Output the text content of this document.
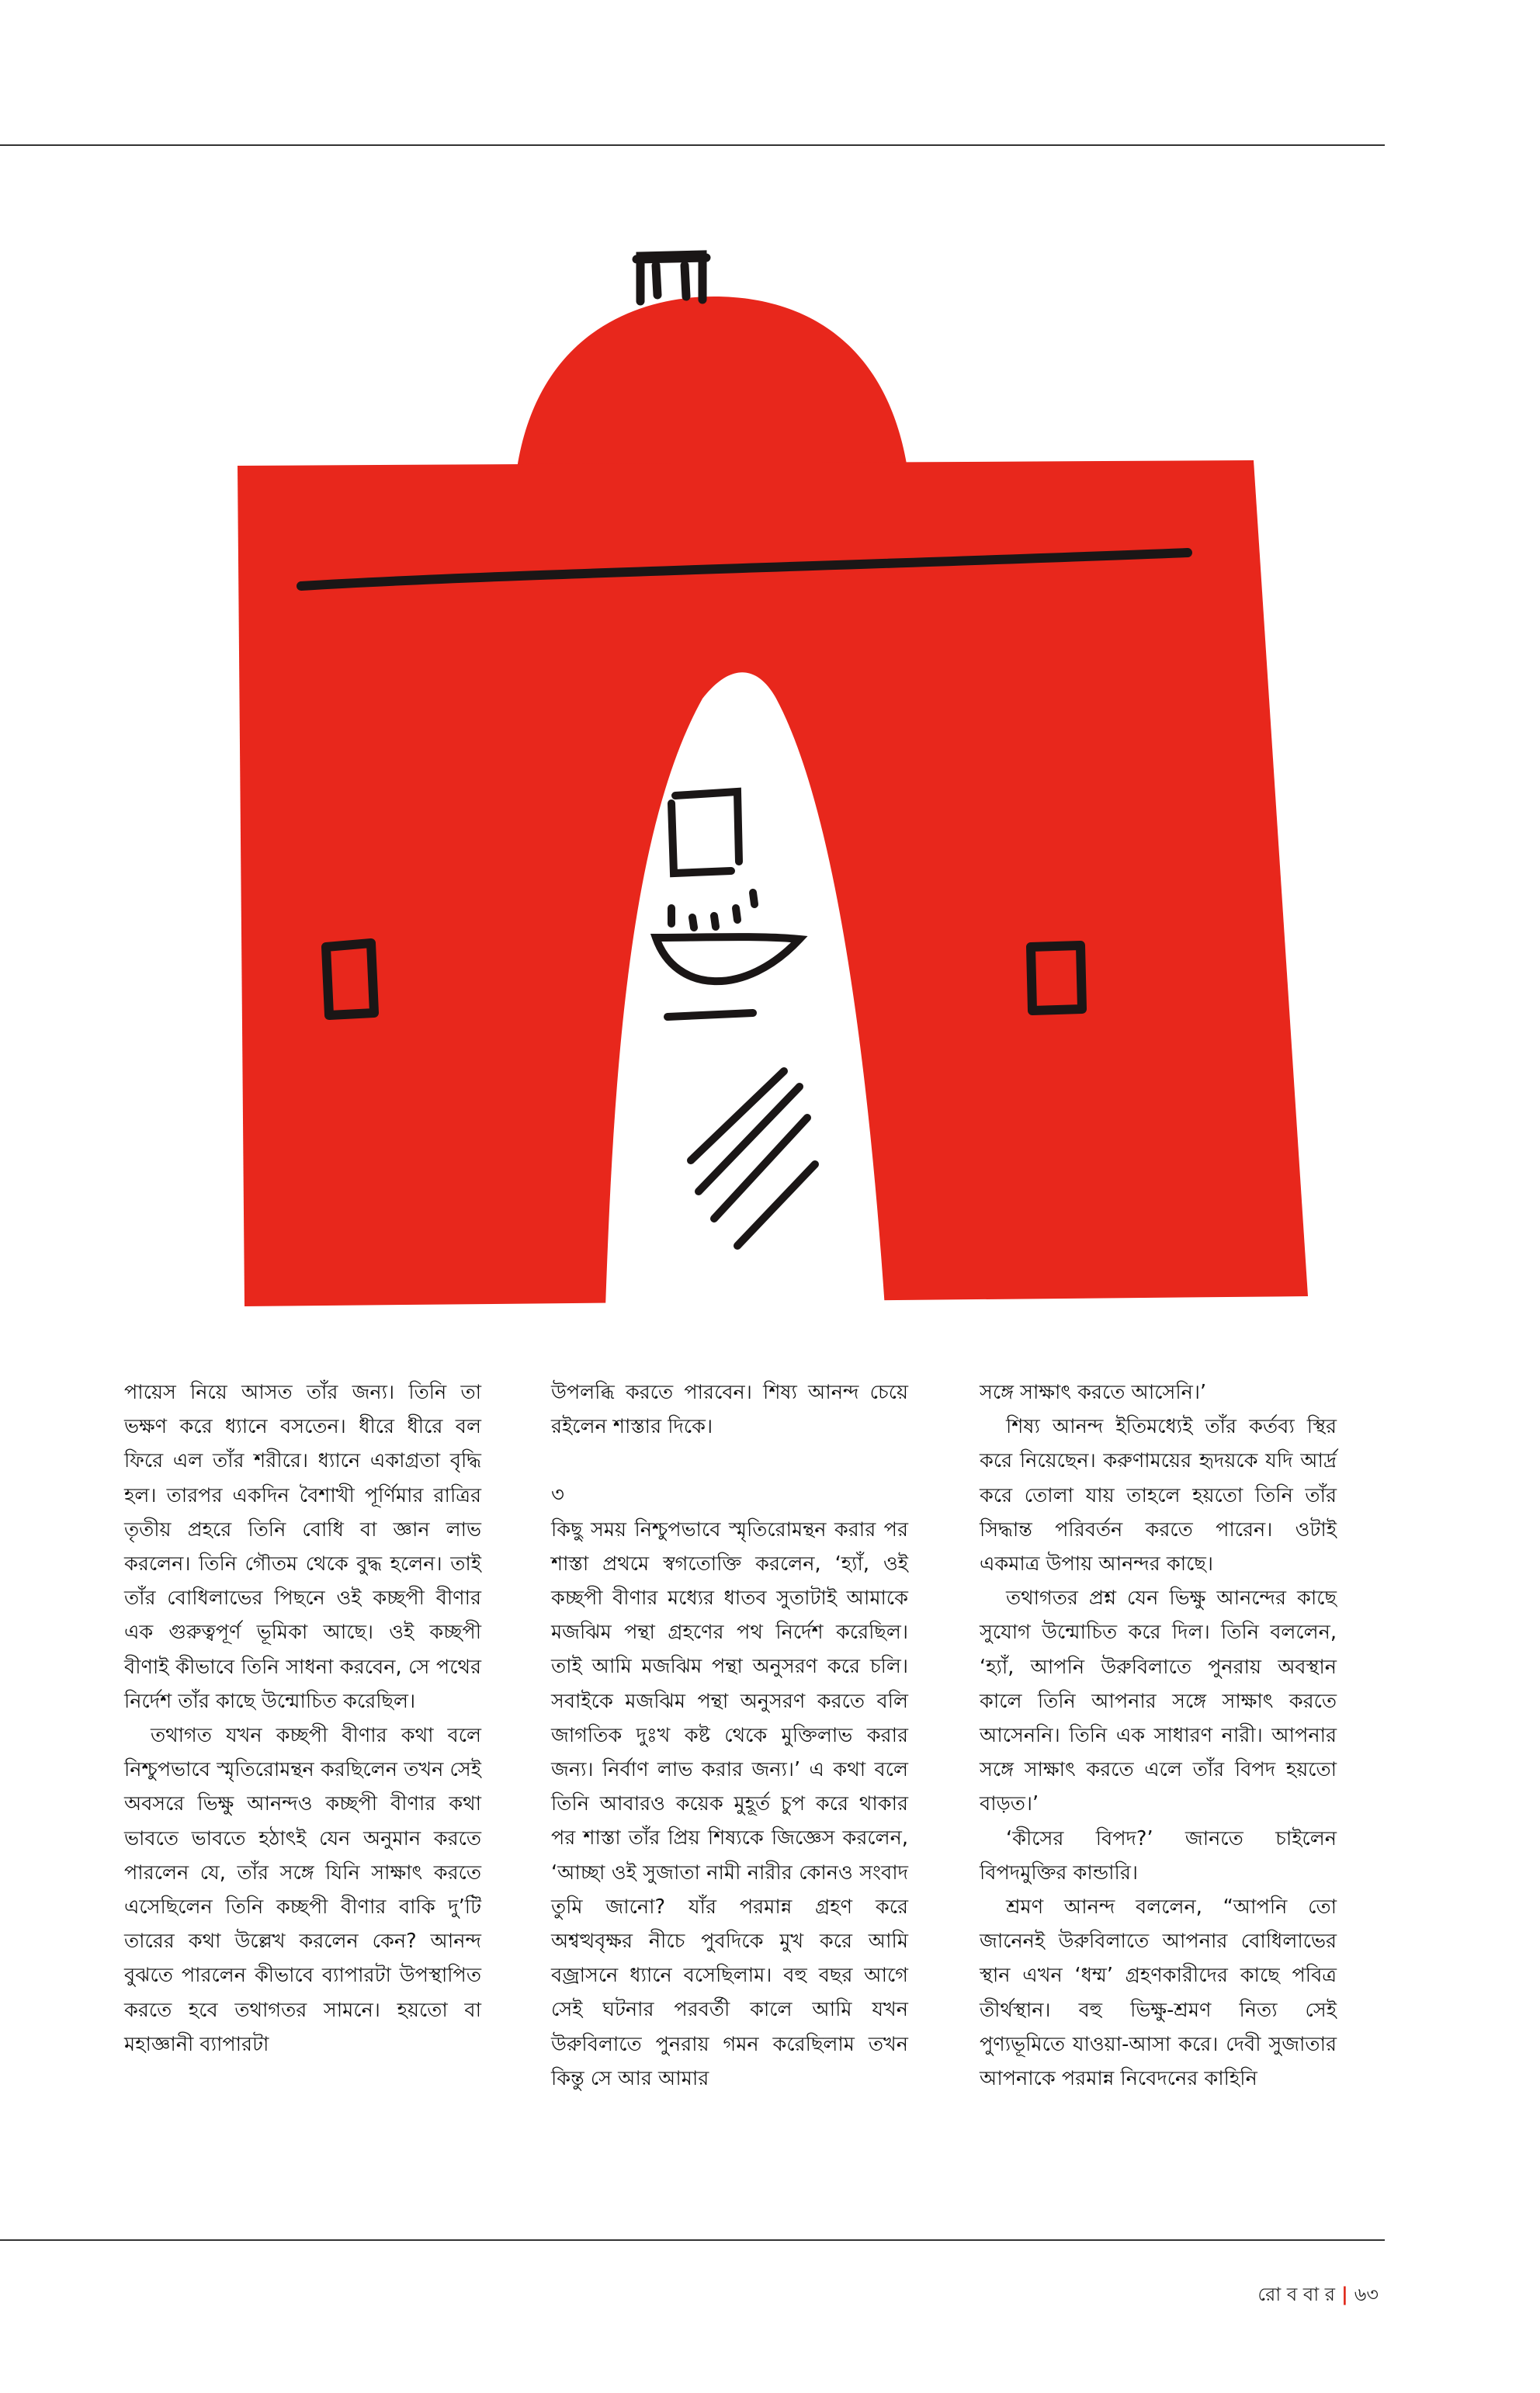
পায়েস নিয়ে আসত তাঁর জন্য। তিনি তা ভক্ষণ করে ধ্যানে বসতেন। ধীরে ধীরে বল ফিরে এল তাঁর শরীরে। ধ্যানে একাগ্রতা বৃদ্ধি হল। তারপর একদিন বৈশাখী পূর্ণিমার রাত্রির তৃতীয় প্রহরে তিনি বোধি বা জ্ঞান লাভ করলেন। তিনি গৌতম থেকে বুদ্ধ হলেন। তাই তাঁর বোধিলাভের পিছনে ওই কচ্ছপী বীণার এক গুরুত্বপূর্ণ ভূমিকা আছে। ওই কচ্ছপী বীণাই কীভাবে তিনি সাধনা করবেন, সে পথের নির্দেশ তাঁর কাছে উন্মোচিত করেছিল।

তথাগত যখন কচ্ছপী বীণার কথা বলে নিশ্চুপভাবে স্মৃতিরোমন্থন করছিলেন তখন সেই অবসরে ভিক্ষু আনন্দও কচ্ছপী বীণার কথা ভাবতে ভাবতে হঠাৎই যেন অনুমান করতে পারলেন যে, তাঁর সঙ্গে যিনি সাক্ষাৎ করতে এসেছিলেন তিনি কচ্ছপী বীণার বাকি দু’টি তারের কথা উল্লেখ করলেন কেন? আনন্দ বুঝতে পারলেন কীভাবে ব্যাপারটা উপস্থাপিত করতে হবে তথাগতর সামনে। হয়তো বা মহাজ্ঞানী ব্যাপারটা

উপলব্ধি করতে পারবেন। শিষ্য আনন্দ চেয়ে রইলেন শাস্তার দিকে।

৩

কিছু সময় নিশ্চুপভাবে স্মৃতিরোমন্থন করার পর শাস্তা প্রথমে স্বগতোক্তি করলেন, ‘হ্যাঁ, ওই কচ্ছপী বীণার মধ্যের ধাতব সুতাটাই আমাকে মজঝিম পন্থা গ্রহণের পথ নির্দেশ করেছিল। তাই আমি মজঝিম পন্থা অনুসরণ করে চলি। সবাইকে মজঝিম পন্থা অনুসরণ করতে বলি জাগতিক দুঃখ কষ্ট থেকে মুক্তিলাভ করার জন্য। নির্বাণ লাভ করার জন্য।’ এ কথা বলে তিনি আবারও কয়েক মুহূর্ত চুপ করে থাকার পর শাস্তা তাঁর প্রিয় শিষ্যকে জিজ্ঞেস করলেন, ‘আচ্ছা ওই সুজাতা নামী নারীর কোনও সংবাদ তুমি জানো? যাঁর পরমান্ন গ্রহণ করে অশ্বত্থবৃক্ষর নীচে পুবদিকে মুখ করে আমি বজ্রাসনে ধ্যানে বসেছিলাম। বহু বছর আগে সেই ঘটনার পরবর্তী কালে আমি যখন উরুবিলাতে পুনরায় গমন করেছিলাম তখন কিন্তু সে আর আমার

সঙ্গে সাক্ষাৎ করতে আসেনি।’

শিষ্য আনন্দ ইতিমধ্যেই তাঁর কর্তব্য স্থির করে নিয়েছেন। করুণাময়ের হৃদয়কে যদি আর্দ্র করে তোলা যায় তাহলে হয়তো তিনি তাঁর সিদ্ধান্ত পরিবর্তন করতে পারেন। ওটাই একমাত্র উপায় আনন্দর কাছে।

তথাগতর প্রশ্ন যেন ভিক্ষু আনন্দের কাছে সুযোগ উন্মোচিত করে দিল। তিনি বললেন, ‘হ্যাঁ, আপনি উরুবিলাতে পুনরায় অবস্থান কালে তিনি আপনার সঙ্গে সাক্ষাৎ করতে আসেননি। তিনি এক সাধারণ নারী। আপনার সঙ্গে সাক্ষাৎ করতে এলে তাঁর বিপদ হয়তো বাড়ত।’

‘কীসের বিপদ?’ জানতে চাইলেন বিপদমুক্তির কান্ডারি।

শ্রমণ আনন্দ বললেন, “আপনি তো জানেনই উরুবিলাতে আপনার বোধিলাভের স্থান এখন ‘ধম্ম’ গ্রহণকারীদের কাছে পবিত্র তীর্থস্থান। বহু ভিক্ষু-শ্রমণ নিত্য সেই পুণ্যভূমিতে যাওয়া-আসা করে। দেবী সুজাতার আপনাকে পরমান্ন নিবেদনের কাহিনি

রো ব বা র | ৬৩
